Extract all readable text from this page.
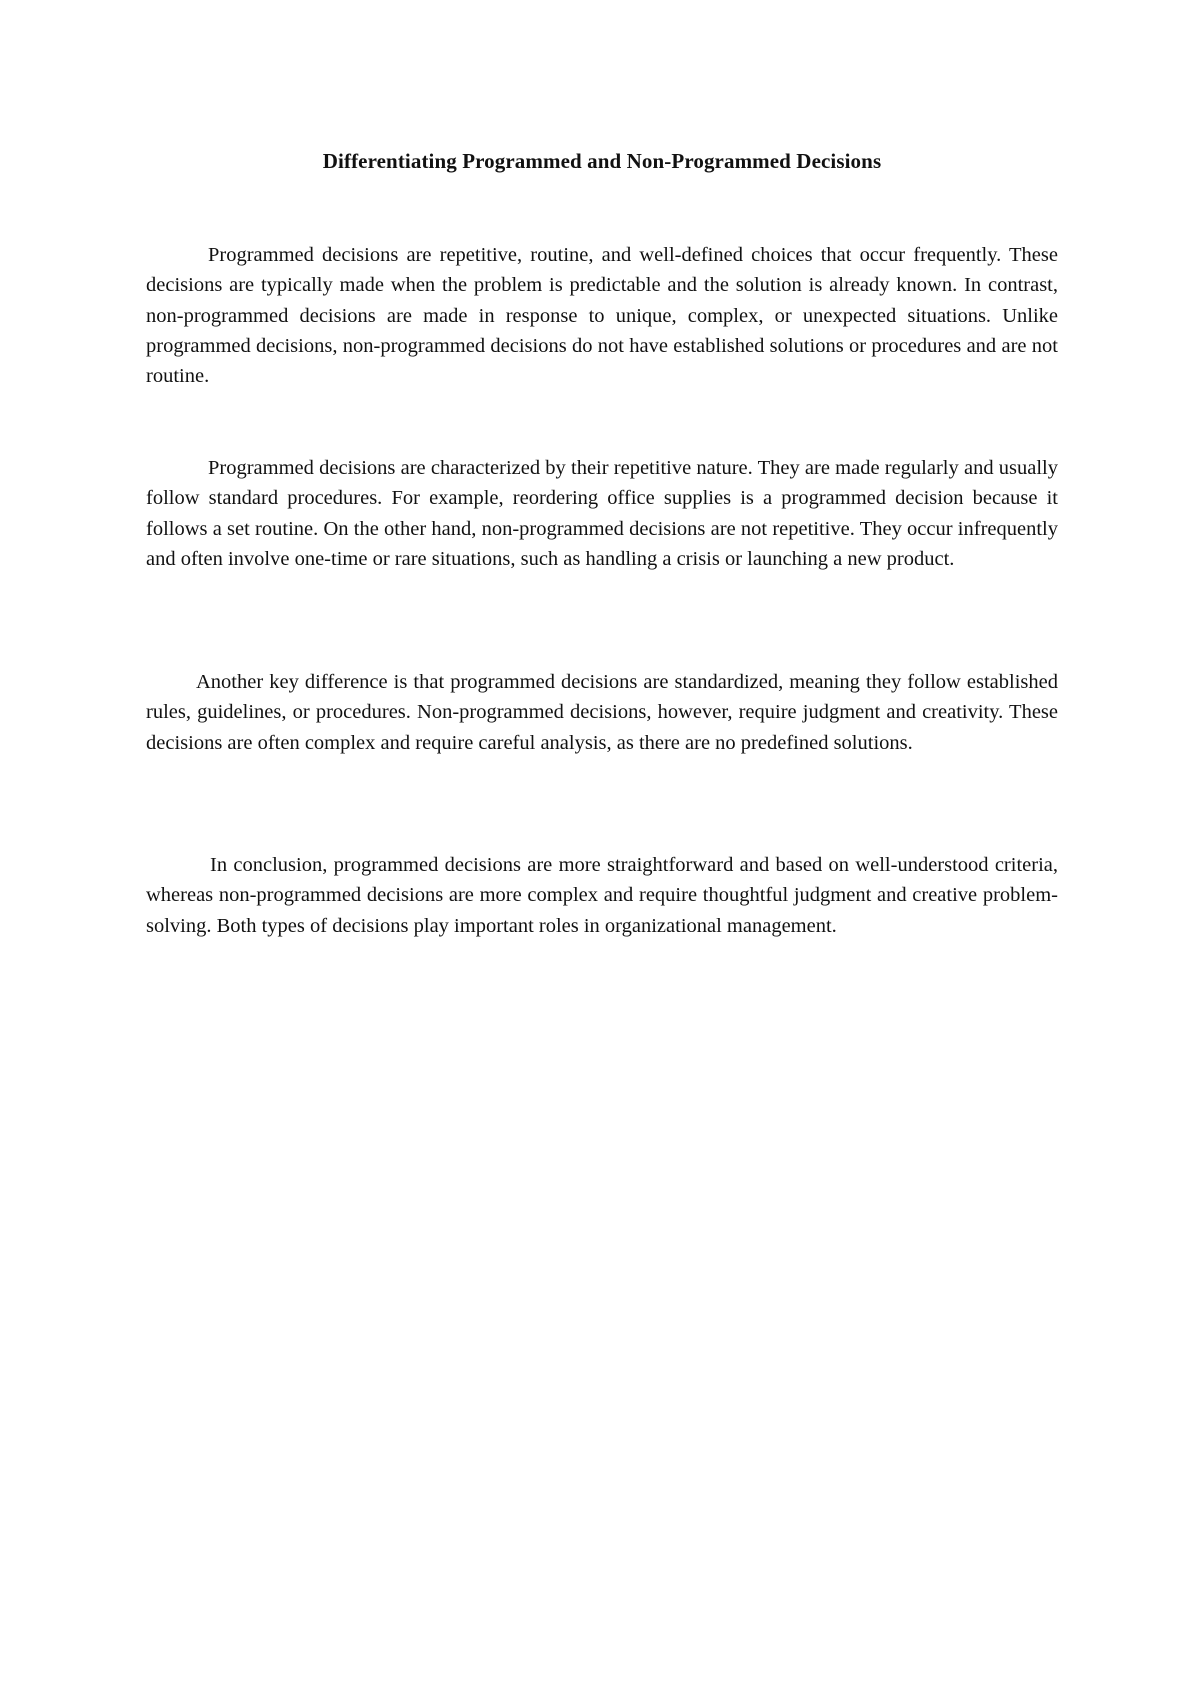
Differentiating Programmed and Non-Programmed Decisions

Programmed decisions are repetitive, routine, and well-defined choices that occur frequently. These decisions are typically made when the problem is predictable and the solution is already known. In contrast, non-programmed decisions are made in response to unique, complex, or unexpected situations. Unlike programmed decisions, non-programmed decisions do not have established solutions or procedures and are not routine.

Programmed decisions are characterized by their repetitive nature. They are made regularly and usually follow standard procedures. For example, reordering office supplies is a programmed decision because it follows a set routine. On the other hand, non-programmed decisions are not repetitive. They occur infrequently and often involve one-time or rare situations, such as handling a crisis or launching a new product.

Another key difference is that programmed decisions are standardized, meaning they follow established rules, guidelines, or procedures. Non-programmed decisions, however, require judgment and creativity. These decisions are often complex and require careful analysis, as there are no predefined solutions.

In conclusion, programmed decisions are more straightforward and based on well-understood criteria, whereas non-programmed decisions are more complex and require thoughtful judgment and creative problem-solving. Both types of decisions play important roles in organizational management.
